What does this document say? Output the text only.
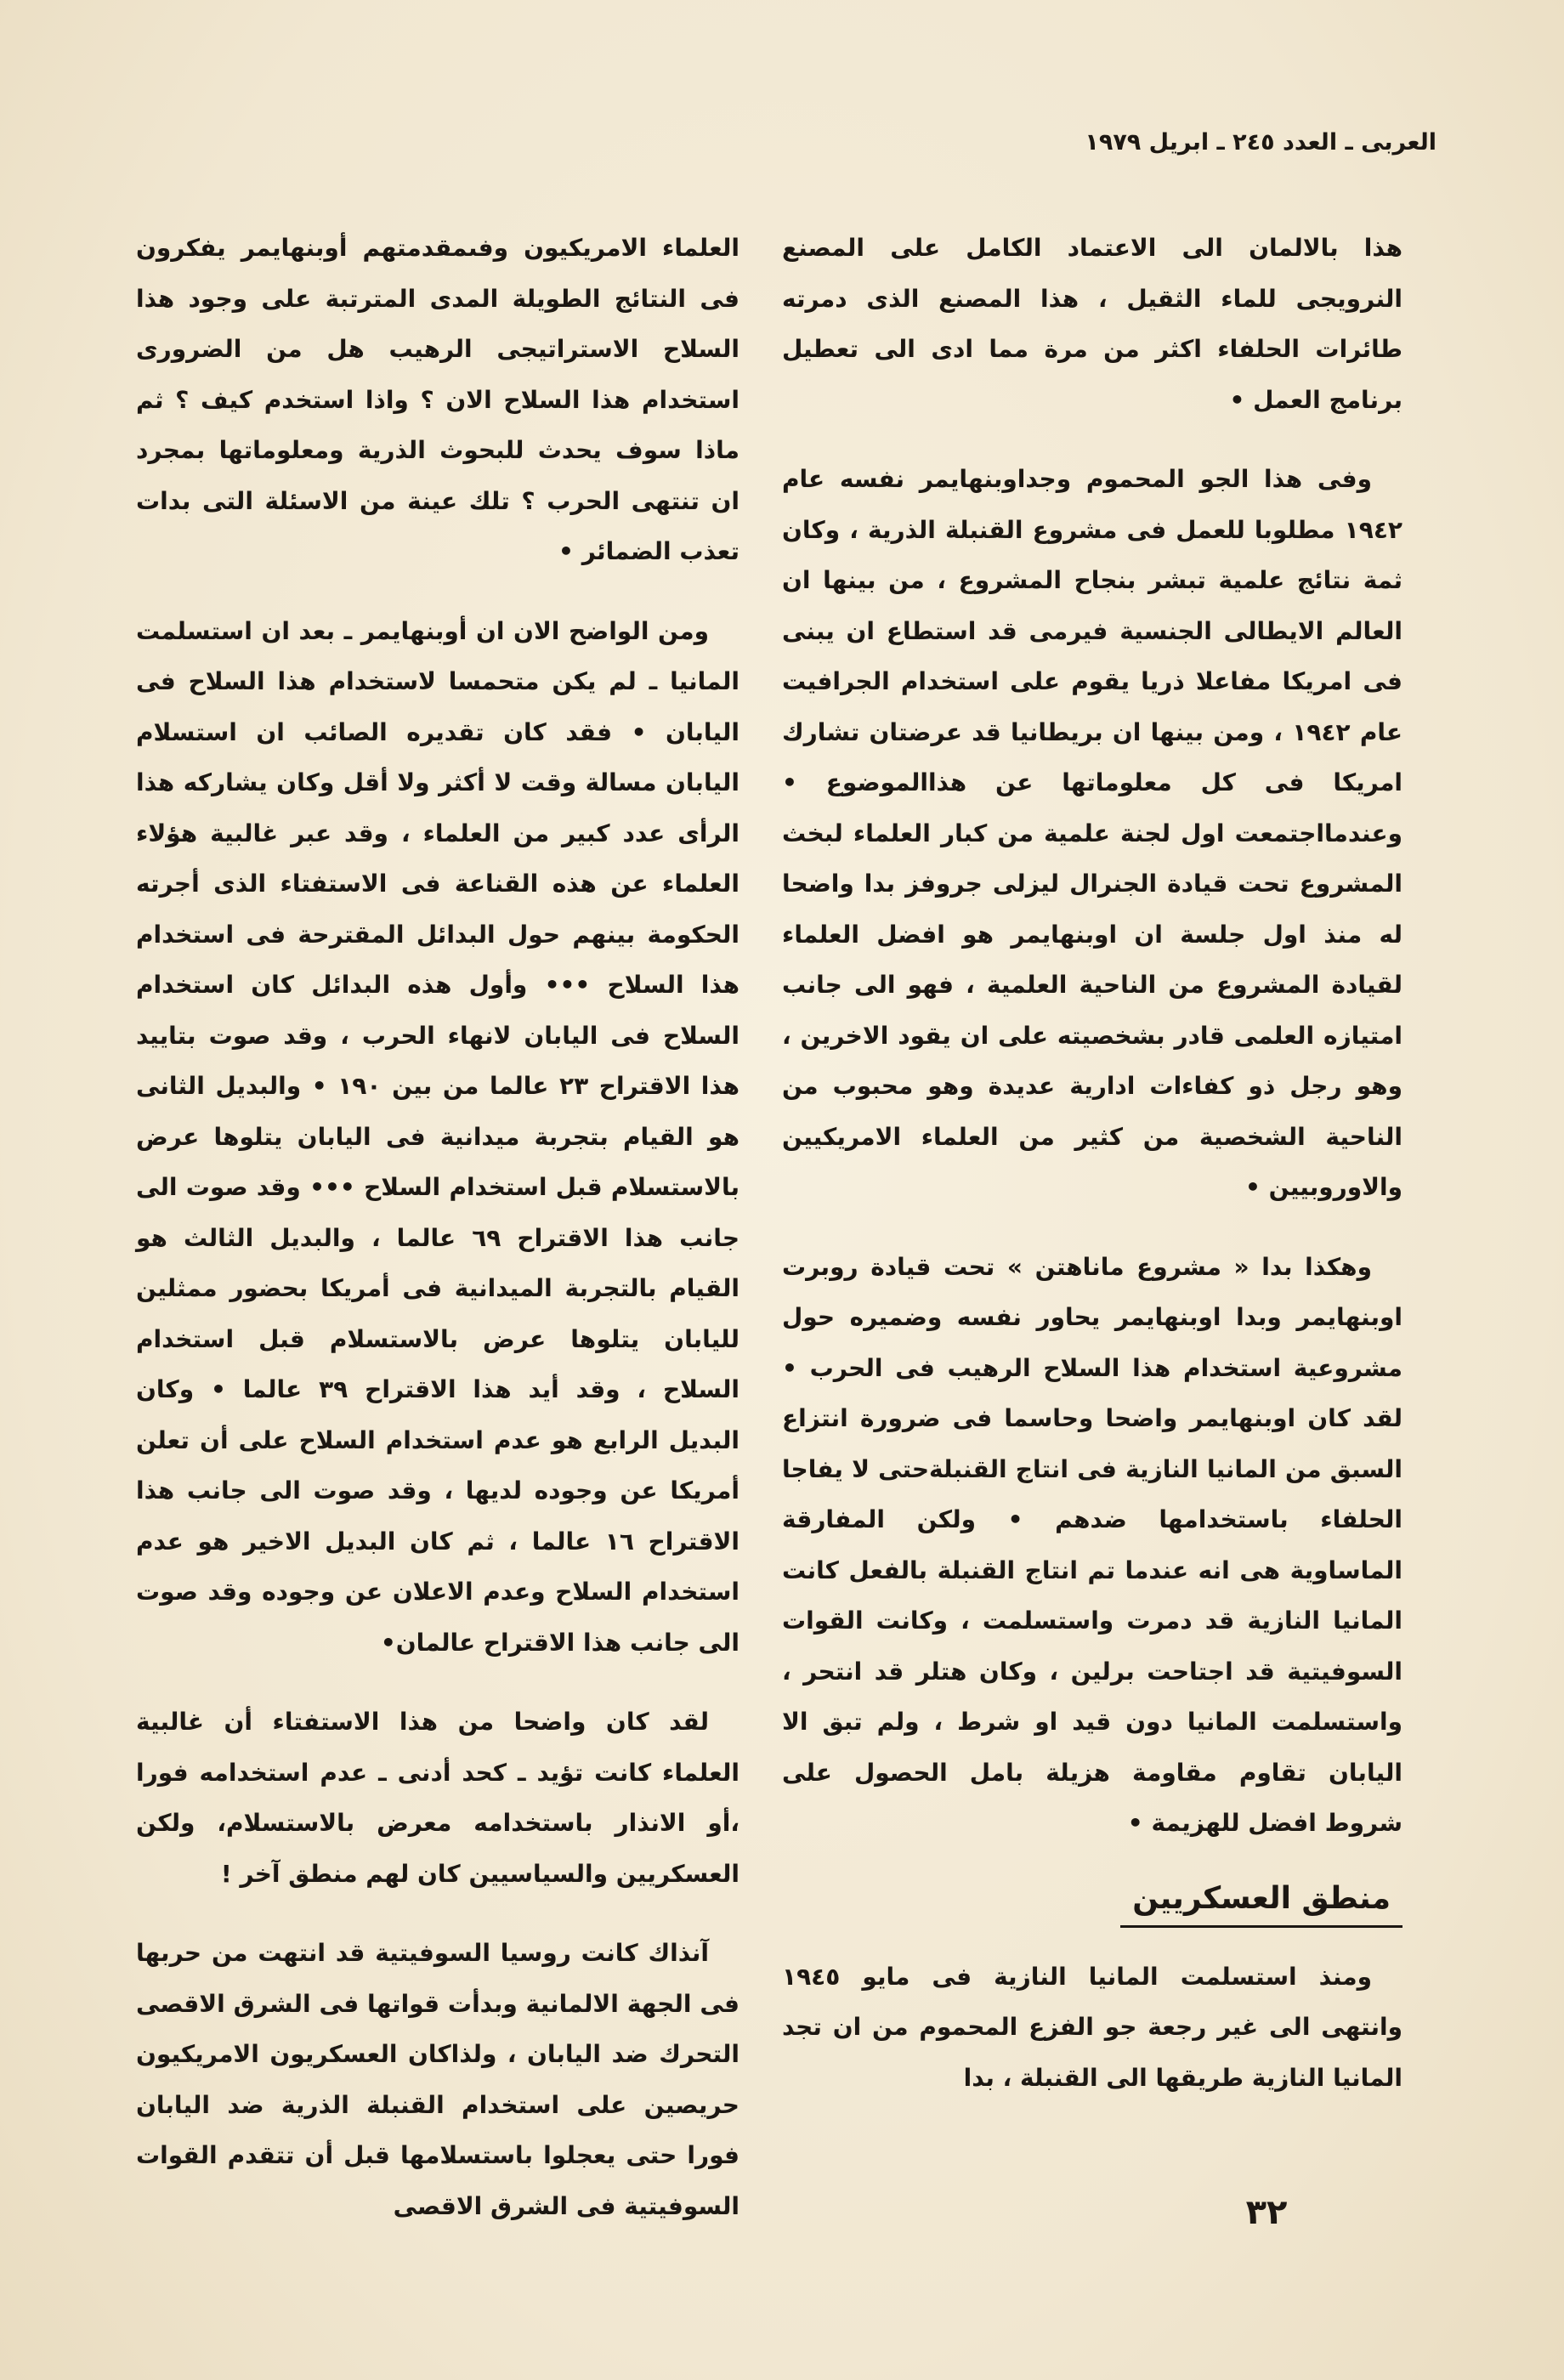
العربى ـ العدد ٢٤٥ ـ ابريل ١٩٧٩

هذا بالالمان الى الاعتماد الكامل على المصنع النرويجى للماء الثقيل ، هذا المصنع الذى دمرته طائرات الحلفاء اكثر من مرة مما ادى الى تعطيل برنامج العمل •

وفى هذا الجو المحموم وجداوبنهايمر نفسه عام ١٩٤٢ مطلوبا للعمل فى مشروع القنبلة الذرية ، وكان ثمة نتائج علمية تبشر بنجاح المشروع ، من بينها ان العالم الايطالى الجنسية فيرمى قد استطاع ان يبنى فى امريكا مفاعلا ذريا يقوم على استخدام الجرافيت عام ١٩٤٢ ، ومن بينها ان بريطانيا قد عرضتان تشارك امريكا فى كل معلوماتها عن هذاالموضوع • وعندمااجتمعت اول لجنة علمية من كبار العلماء لبخث المشروع تحت قيادة الجنرال ليزلى جروفز بدا واضحا له منذ اول جلسة ان اوبنهايمر هو افضل العلماء لقيادة المشروع من الناحية العلمية ، فهو الى جانب امتيازه العلمى قادر بشخصيته على ان يقود الاخرين ، وهو رجل ذو كفاءات ادارية عديدة وهو محبوب من الناحية الشخصية من كثير من العلماء الامريكيين والاوروبيين •

وهكذا بدا « مشروع ماناهتن » تحت قيادة روبرت اوبنهايمر وبدا اوبنهايمر يحاور نفسه وضميره حول مشروعية استخدام هذا السلاح الرهيب فى الحرب • لقد كان اوبنهايمر واضحا وحاسما فى ضرورة انتزاع السبق من المانيا النازية فى انتاج القنبلةحتى لا يفاجا الحلفاء باستخدامها ضدهم • ولكن المفارقة الماساوية هى انه عندما تم انتاج القنبلة بالفعل كانت المانيا النازية قد دمرت واستسلمت ، وكانت القوات السوفيتية قد اجتاحت برلين ، وكان هتلر قد انتحر ، واستسلمت المانيا دون قيد او شرط ، ولم تبق الا اليابان تقاوم مقاومة هزيلة بامل الحصول على شروط افضل للهزيمة •

منطق العسكريين

ومنذ استسلمت المانيا النازية فى مايو ١٩٤٥ وانتهى الى غير رجعة جو الفزع المحموم من ان تجد المانيا النازية طريقها الى القنبلة ، بدا

العلماء الامريكيون وفىمقدمتهم أوبنهايمر يفكرون فى النتائج الطويلة المدى المترتبة على وجود هذا السلاح الاستراتيجى الرهيب هل من الضرورى استخدام هذا السلاح الان ؟ واذا استخدم كيف ؟ ثم ماذا سوف يحدث للبحوث الذرية ومعلوماتها بمجرد ان تنتهى الحرب ؟ تلك عينة من الاسئلة التى بدات تعذب الضمائر •

ومن الواضح الان ان أوبنهايمر ـ بعد ان استسلمت المانيا ـ لم يكن متحمسا لاستخدام هذا السلاح فى اليابان • فقد كان تقديره الصائب ان استسلام اليابان مسالة وقت لا أكثر ولا أقل وكان يشاركه هذا الرأى عدد كبير من العلماء ، وقد عبر غالبية هؤلاء العلماء عن هذه القناعة فى الاستفتاء الذى أجرته الحكومة بينهم حول البدائل المقترحة فى استخدام هذا السلاح ••• وأول هذه البدائل كان استخدام السلاح فى اليابان لانهاء الحرب ، وقد صوت بتاييد هذا الاقتراح ٢٣ عالما من بين ١٩٠ • والبديل الثانى هو القيام بتجربة ميدانية فى اليابان يتلوها عرض بالاستسلام قبل استخدام السلاح ••• وقد صوت الى جانب هذا الاقتراح ٦٩ عالما ، والبديل الثالث هو القيام بالتجربة الميدانية فى أمريكا بحضور ممثلين لليابان يتلوها عرض بالاستسلام قبل استخدام السلاح ، وقد أيد هذا الاقتراح ٣٩ عالما • وكان البديل الرابع هو عدم استخدام السلاح على أن تعلن أمريكا عن وجوده لديها ، وقد صوت الى جانب هذا الاقتراح ١٦ عالما ، ثم كان البديل الاخير هو عدم استخدام السلاح وعدم الاعلان عن وجوده وقد صوت الى جانب هذا الاقتراح عالمان•

لقد كان واضحا من هذا الاستفتاء أن غالبية العلماء كانت تؤيد ـ كحد أدنى ـ عدم استخدامه فورا ،أو الانذار باستخدامه معرض بالاستسلام، ولكن العسكريين والسياسيين كان لهم منطق آخر !

آنذاك كانت روسيا السوفيتية قد انتهت من حربها فى الجهة الالمانية وبدأت قواتها فى الشرق الاقصى التحرك ضد اليابان ، ولذاكان العسكريون الامريكيون حريصين على استخدام القنبلة الذرية ضد اليابان فورا حتى يعجلوا باستسلامها قبل أن تتقدم القوات السوفيتية فى الشرق الاقصى	٣٢
